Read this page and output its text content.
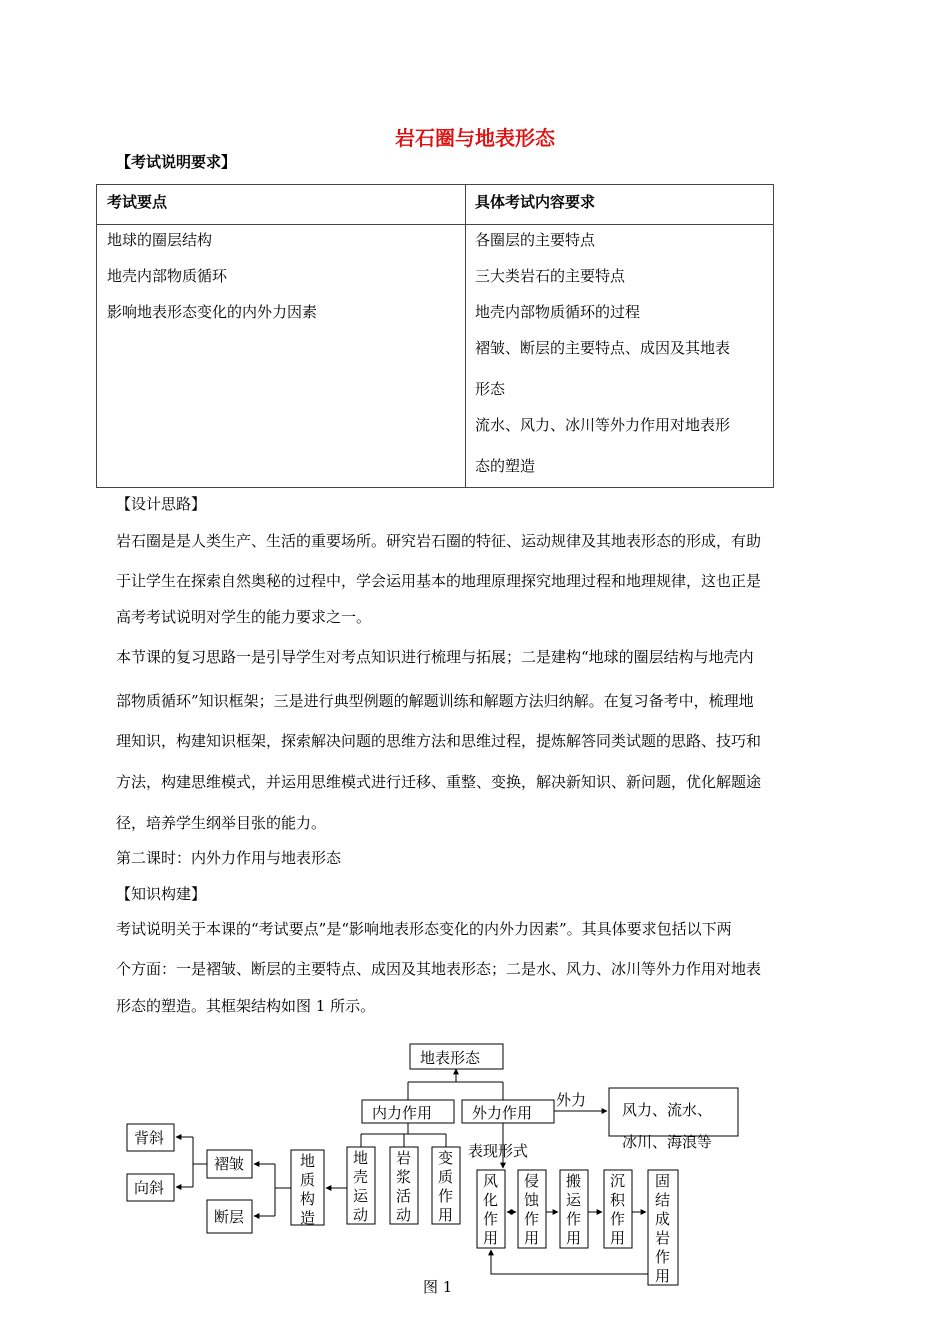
岩石圈与地表形态
【考试说明要求】
考试要点	具体考试内容要求
地球的圈层结构
地壳内部物质循环
影响地表形态变化的内外力因素
各圈层的主要特点
三大类岩石的主要特点
地壳内部物质循环的过程
褶皱、断层的主要特点、成因及其地表
形态
流水、风力、冰川等外力作用对地表形
态的塑造
【设计思路】
岩石圈是是人类生产、生活的重要场所。研究岩石圈的特征、运动规律及其地表形态的形成，有助
于让学生在探索自然奥秘的过程中，学会运用基本的地理原理探究地理过程和地理规律，这也正是
高考考试说明对学生的能力要求之一。
本节课的复习思路一是引导学生对考点知识进行梳理与拓展；二是建构“地球的圈层结构与地壳内
部物质循环”知识框架；三是进行典型例题的解题训练和解题方法归纳解。在复习备考中，梳理地
理知识，构建知识框架，探索解决问题的思维方法和思维过程，提炼解答同类试题的思路、技巧和
方法，构建思维模式，并运用思维模式进行迁移、重整、变换，解决新知识、新问题，优化解题途
径，培养学生纲举目张的能力。
第二课时：内外力作用与地表形态
【知识构建】
考试说明关于本课的“考试要点”是“影响地表形态变化的内外力因素”。其具体要求包括以下两
个方面：一是褶皱、断层的主要特点、成因及其地表形态；二是水、风力、冰川等外力作用对地表
形态的塑造。其框架结构如图 1 所示。
地表形态
内力作用	外力作用
外力
风力、流水、
冰川、海浪等
表现形式
背斜
向斜
褶皱
断层
图 1
地质构造
地壳运动
岩浆活动
变质作用
风化作用
侵蚀作用
搬运作用
沉积作用
固结成岩作用
